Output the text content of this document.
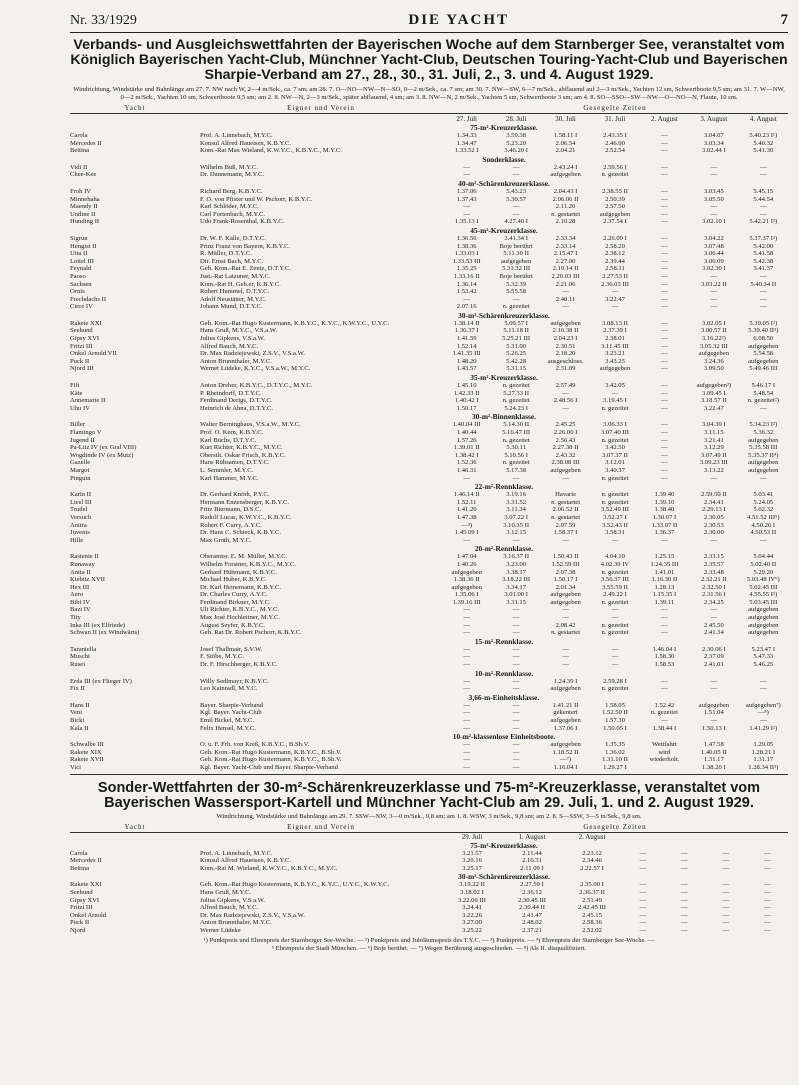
Nr. 33/1929	DIE YACHT	7
Verbands- und Ausgleichswettfahrten der Bayerischen Woche auf dem Starnberger See, veranstaltet vom Königlich Bayerischen Yacht-Club, Münchner Yacht-Club, Deutschen Touring-Yacht-Club und Bayerischen Sharpie-Verband am 27., 28., 30., 31. Juli, 2., 3. und 4. August 1929.
Windrichtung, Windstärke und Bahnlänge am 27. 7. NW nach W, 2—4 m/Sek., ca. 7 sm; am 28. 7. O—NO—NW—N—SO, 0—2 m/Sek., ca. 7 sm; am 30. 7. NW—SW, 6—7 m/Sek., abflauend auf 2—3 m/Sek., Yachten 12 sm, Schwertboote 9,5 sm; am 31. 7. W—NW, 0—2 m/Sek., Yachten 10 sm, Schwertboote 9,5 sm; am 2. 8. NW—N, 2—3 m/Sek., später abflauend, 4 sm; am 3. 8. NW—N, 2 m/Sek., Yachten 5 sm, Schwertboote 3 sm; am 4. 8. SO—SSO—SW—NW—O—NO—N, Flaute, 10 sm.
Yacht	Eigner und Verein	Gesegelte Zeiten
27. Juli	28. Juli	30. Juli	31. Juli	2. August	3. August	4. August
75-m²-Kreuzerklasse.
Carola	Prof. A. Linnebach, M.Y.C.	1.34.33	3.59.38	1.58.11 I	2.43.35 I	—	3.04.07	5.40.23 I¹)
Mercedes II	Konsul Alfred Haueisen, K.B.Y.C.	1.34.47	5.23.20	2.06.54	2.46.00	—	3.03.34	5.40.32
Bettina	Kom.-Rat Max Wieland, K.W.Y.C., K.B.Y.C., M.Y.C.	1.33.52 I	3.46.20 I	2.04.21	2.52.54	—	3.02.44 I	5.41.30
Sonderklasse.
Vidi II	Wilhelm Buß, M.Y.C.	—	—	2.43.24 I	2.59.56 I	—	—	—
Chee-Kee	Dr. Dannemann, M.Y.C.	—	—	aufgegeben	n. gezeitet	—	—	—
40-m²-Schärenkreuzerklasse.
Froh IV	Richard Berg, K.B.Y.C.	1.37.06	5.43.23	2.04.43 I	2.38.55 II	—	3.03.45	5.45.15
Minnehaha	F. O. von Pfister und W. Pschorr, K.B.Y.C.	1.37.43	5.30.57	2.06.06 II	2.50.39	—	3.05.50	5.44.54
Maendy II	Karl Schlöder, M.Y.C.	—	—	2.11.20	2.57.50	—	—	—
Undine II	Carl Fortenbach, M.Y.C.	—	—	n. gestartet	aufgegeben	—	—	—
Hunding II	Udo Frank-Rosenthal, K.B.Y.C.	1.35.13 I	4.27.40 I	2.10.28	2.37.54 I	—	3.02.10 I	5.42.21 I²)
45-m²-Kreuzerklasse.
Sigrun	Dr. W. F. Kalle, D.T.Y.C.	1.36.56	3.41.34 I	2.33.34	2.26.09 I	—	3.04.22	5.37.37 I²)
Hengist II	Prinz Franz von Bayern, K.B.Y.C.	1.38.36	Boje berührt	2.33.14	2.58.20	—	3.07.48	5.42.00
Utta II	R. Müller, D.T.Y.C.	1.33.03 I	5.11.30 II	2.15.47 I	2.38.12	—	3.06.44	5.41.58
Lottel III	Dir. Ernst Bach, M.Y.C.	1.33.53 III	aufgegeben	2.27.00	2.39.44	—	3.06.09	5.42.38
Feynald	Geh. Kom.-Rat E. Zentz, D.T.Y.C.	1.35.25	5.31.32 III	2.19.14 II	2.58.11	—	3.02.30 I	5.41.37
Paoso	Just.-Rat Latzuner, M.Y.C.	1.33.16 II	Boje berührt	2.20.03 III	2.27.53 II	—	—	—
Sachsen	Kom.-Rat H. Geb.er, K.B.Y.C.	1.36.14	5.32.39	2.21.06	2.36.03 III	—	3.03.22 II	5.40.34 II
Ornis	Robert Hummel, D.T.Y.C.	1.53.42	5.55.58	—	—	—	—	—
Frechdachs II	Adolf Neustätter, M.Y.C.	—	—	2.40.11	3.22.47	—	—	—
Circe IV	Johann Mund, D.T.Y.C.	2.07.16	n. gezeitet	—	—	—	—	—
30-m²-Schärenkreuzerklasse.
Rakete XXI	Geh. Kom.-Rat Hugo Kustermann, K.B.Y.C., K.Y.C., K.W.Y.C., U.Y.C.	1.38.14 II	5.09.57 I	aufgegeben	3.08.13 II	—	3.02.05 I	5.39.05 I²)
Seehund	Hans Gruß, M.Y.C., V.S.a.W.	1.36.37 I	5.11.18 II	2.16.38 II	2.37.39 I	—	3.00.57 II	5.39.40 II³)
Gipsy XVI	Julius Gipkens, V.S.a.W.	1.41.59	5.25.21 III	2.04.23 I	2.38.01	—	3.16.22²)	6.08.50
Fritzi III	Alfred Bauch, M.Y.C.	1.52.14	5.31.00	2.30.51	3.11.45 III	—	3.05.32 III	aufgegeben
Onkel Arnold VII	Dr. Max Radziejewski, Z.S.V., V.S.a.W.	1.41.35 III	5.26.25	2.18.20	3.23.21	—	aufgegeben	5.54.58
Puck II	Anton Brunnthaler, M.Y.C.	1.48.20	5.42.28	ausgeschloss.	3.43.25	—	3.24.36	aufgegeben
Njord III	Werner Lüdeke, K.Y.C., V.S.a.W., M.Y.C.	1.43.57	5.31.15	2.31.09	aufgegeben	—	3.09.50	5.49.46 III
35-m²-Kreuzerklasse.
Fifi	Anton Dreher, K.B.Y.C., D.T.Y.C., M.Y.C.	1.45.10	n. gezeitet	2.57.49	3.42.05	—	aufgegeben²)	5.46.17 I
Käte	P. Rheindorff, D.T.Y.C.	1.42.33 II	5.27.33 II	—	—	—	3.09.45 I	5.48.54
Annemarie II	Ferdinand Derigs, D.T.Y.C.	1.40.42 I	n. gezeitet	2.48.56 I	3.19.45 I	—	3.18.57 II	n. gezeitet²)
Uhu IV	Heinrich de Ahna, D.T.Y.C.	1.50.17	5.24.23 I	—	n. gezeitet	—	3.22.47	—
30-m²-Binnenklasse.
Biller	Walter Berninghaus, V.S.a.W., M.Y.C.	1.40.04 III	5.14.30 II	2.45.25	3.06.33 I	—	3.04.39 I	5.34.23 I²)
Flamingo V	Prof. O. Kern, K.B.Y.C.	1.40.44	5.16.47 III	2.26.00 I	3.07.40 III	—	3.11.15	5.36.32
Jugend II	Karl Büchs, D.T.Y.C.	1.57.26	n. gezeitet	2.56.43	n. gezeitet	—	3.21.41	aufgegeben
Pa-Litz IV (ex Gral VIII)	Kurt Richter, K.B.Y.C., M.Y.C.	1.39.01 II	5.30.11	2.27.38 II	3.42.50	—	3.12.29	5.35.58 III
Wogdinde IV (ex Mutz)	Oberstlt. Oskar Frisch, K.B.Y.C.	1.38.42 I	5.10.56 I	2.43.32	3.07.37 II	—	3.07.49 II	5.35.37 II⁴)
Gazelle	Hans Rübsamen, D.T.Y.C.	1.52.36	n. gezeitet	2.38.08 III	3.12.01	—	3.09.23 III	aufgegeben
Margot	L. Semmler, M.Y.C.	1.46.31	5.17.38	aufgegeben	3.40.37	—	3.13.22	aufgegeben
Pinguin	Karl Hammer, M.Y.C.	—	—	—	n. gezeitet	—	—	—
22-m²-Rennklasse.
Karin II	Dr. Gerhard Knörk, P.Y.C.	1.46.14 II	3.19.16	Havarie	n. gezeitet	1.39.40	2.59.50 II	5.03.41
Liesl III	Hermann Enzensberger, K.B.Y.C.	1.52.11	3.31.52	n. gestartet	n. gezeitet	1.39.10	2.34.41	5.24.05
Trudel	Fritz Biermann, D.S.C.	1.41.20	3.11.34	2.06.52 II	3.52.49 III	1.38.40	2.29.13 I	5.02.32
Versuch	Rudolf Lucas, K.W.Y.C., K.B.Y.C.	1.47.38	3.07.22 I	n. gestartet	3.52.27 I	1.30.07 I	2.30.05	4.51.52 III⁵)
Anitra	Robert F. Curry, A.Y.C.	—³)	3.10.35 II	2.07.59	3.52.43 II	1.33.07 II	2.30.53	4.50.26 I
Juvenis	Dr. Hans C. Schieck, K.B.Y.C.	1.45.09 I	3.12.15	1.58.37 I	3.58.31	1.36.37	2.30.00	4.50.53 II
Hille	Max Groth, M.Y.C.	—	—	—	—	—	—	—
20-m²-Rennklasse.
Rastenie II	Oberamtsr. E. M. Müller, M.Y.C.	1.47.04	3.16.37 II	1.50.43 II	4.04.10	1.25.15	2.33.15	5.04.44
Runaway	Wilhelm Forstner, K.B.Y.C., M.Y.C.	1.40.26	3.23.00	1.52.59 III	4.02.39 IV	1.24.35 III	2.35.57	5.02.40 II
Anita II	Gerhard Hüttmann, K.B.Y.C.	aufgegeben	3.38.17	2.07.38	n. gezeitet	1.41.01	2.33.48	5.29.20
Kiebitz XVII	Michael Huber, K.B.Y.C.	1.38.36 II	3.18.22 III	1.50.17 I	3.56.37 III	1.16.30 II	2.32.21 II	5.03.48 IV⁶)
Hex III	Dr. Karl Heinemann, K.B.Y.C.	aufgegeben	3.34.17	2.01.34	3.55.59 II	1.28.13	2.32.50 I	5.02.45 III
Aero	Dr. Charles Curry, A.Y.C.	1.35.06 I	3.01.00 I	aufgegeben	2.49.22 I	1.15.35 I	2.31.56 I	4.55.55 I²)
Bibi IV	Ferdinand Birkner, M.Y.C.	1.39.16 III	3.31.15	aufgegeben	n. gezeitet	1.39.11	2.34.25	5.03.45 III
Bazi IV	Uli Richter, K.B.Y.C., M.Y.C.	—	—	—	—	—	—	aufgegeben
Tity	Max José Hochleitner, M.Y.C.	—	—	—	—	—	—	aufgegeben
Inka III (ex Elfriede)	August Seyfer, K.B.Y.C.	—	—	2.08.42	n. gezeitet	—	2.45.50	aufgegeben
Schwan II (ex Windwärts)	Geh. Rat Dr. Robert Pschorr, K.B.Y.C.	—	—	n. gestartet	n. gezeitet	—	2.41.34	aufgegeben
15-m²-Rennklasse.
Tarantella	Josef Thallmair, S.V.W.	—	—	—	—	1.46.04 I	2.30.06 I	5.23.47 I
Muschi	F. Stöbe, M.Y.C.	—	—	—	—	1.58.30	2.37.09	5.47.33
Rusei	Dr. F. Hirschberger, K.B.Y.C.	—	—	—	—	1.58.53	2.41.01	5.46.25
10-m²-Rennklasse.
Erda III (ex Flieger IV)	Willy Sedlmayr, K.B.Y.C.	—	—	1.24.39 I	2.59.28 I	—	—	—
Fix II	Leo Kainradl, M.Y.C.	—	—	aufgegeben	n. gezeitet	—	—	—
3,66-m-Einheitsklasse.
Hans II	Bayer. Sharpie-Verband	—	—	1.41.21 II	1.58.05	1.52.42	aufgegeben	aufgegeben⁷)
Veni	Kgl. Bayer. Yacht-Club	—	—	gekentert	1.52.50 II	n. gezeitet	1.51.04	—⁸)
Bicki	Emil Bickel, M.Y.C.	—	—	aufgegeben	1.57.30	—	—	—
Kala II	Felix Hensel, M.Y.C.	—	—	1.37.06 I	1.50.05 I	1.38.44 I	1.50.13 I	1.41.29 I²)
10-m²-klassenlose Einheitsboote.
Schwalbe III	O. u. F. Frh. von Kreß, K.B.Y.C., B.Sh.V.	—	—	aufgegeben	1.35.35	Wettfahrt	1.47.58	1.29.05
Rakete XIX	Geh. Kom.-Rat Hugo Kustermann, K.B.Y.C., B.Sh.V.	—	—	1.18.52 II	1.36.02	wird	1.40.05 II	1.28.21 I
Rakete XVII	Geh. Kom.-Rat Hugo Kustermann, K.B.Y.C., B.Sh.V.	—	—	—⁷)	1.31.10 II	wiederholt.	1.31.17	1.31.17
Vici	Kgl. Bayer. Yacht-Club und Bayer. Sharpie-Verband	—	—	1.16.04 I	1.29.27 I	1.38.20 I	1.28.34 II³)
Sonder-Wettfahrten der 30-m²-Schärenkreuzerklasse und 75-m²-Kreuzerklasse, veranstaltet vom Bayerischen Wassersport-Kartell und Münchner Yacht-Club am 29. Juli, 1. und 2. August 1929.
Windrichtung, Windstärke und Bahnlänge am 29. 7. SSW—NW, 3—0 m/Sek., 9,8 sm; am 1. 8. WSW, 3 m/Sek., 9,8 sm; am 2. 8. S—SSW, 3—5 m/Sek., 9,8 sm.
Yacht	Eigner und Verein	Gesegelte Zeiten
29. Juli	1. August	2. August
75-m²-Kreuzerklasse.
Carola	Prof. A. Linnebach, M.Y.C.	3.21.57	2.11.44	2.23.12	—	—	—	—
Mercedes II	Konsul Alfred Haueisen, K.B.Y.C.	3.20.16	2.16.31	2.34.46	—	—	—	—
Bettina	Kom.-Rat M. Wieland, K.W.Y.C., K.B.Y.C., M.Y.C.	3.25.17	2.11.09 I	2.22.57 I	—	—	—	—
30-m²-Schärenkreuzerklasse.
Rakete XXI	Geh. Kom.-Rat Hugo Kustermann, K.B.Y.C., K.Y.C., U.Y.C., K.W.Y.C.	3.19.22 II	2.27.59 I	2.35.00 I	—	—	—	—
Seehund	Hans Gruß, M.Y.C.	3.18.02 I	2.36.12	2.36.37 II	—	—	—	—
Gipsy XVI	Julius Gipkens, V.S.a.W.	3.22.06 III	2.30.45 III	2.51.49	—	—	—	—
Fritzi III	Alfred Bauch, M.Y.C.	3.24.41	2.30.44 II	2.42.45 III	—	—	—	—
Onkel Arnold	Dr. Max Radziejewski, Z.S.V., V.S.a.W.	3.22.26	2.41.47	2.45.15	—	—	—	—
Puck II	Anton Brunnthaler, M.Y.C.	3.27.00	2.48.02	2.58.36	—	—	—	—
Njord	Werner Lüdeke	3.25.22	2.37.21	2.52.02	—	—	—	—
¹) Punktpreis und Ehrenpreis der Starnberger See-Woche. — ²) Punktpreis und Jubiläumspreis des T.Y.C. — ³) Punktpreis. — ⁴) Ehrenpreis der Starnberger See-Woche. —
⁵ Ehrenpreis der Stadt München. — ⁶) Boje berührt. — ⁷) Wegen Berührung ausgeschieden. — ⁸) Als II. disqualifiziert.
